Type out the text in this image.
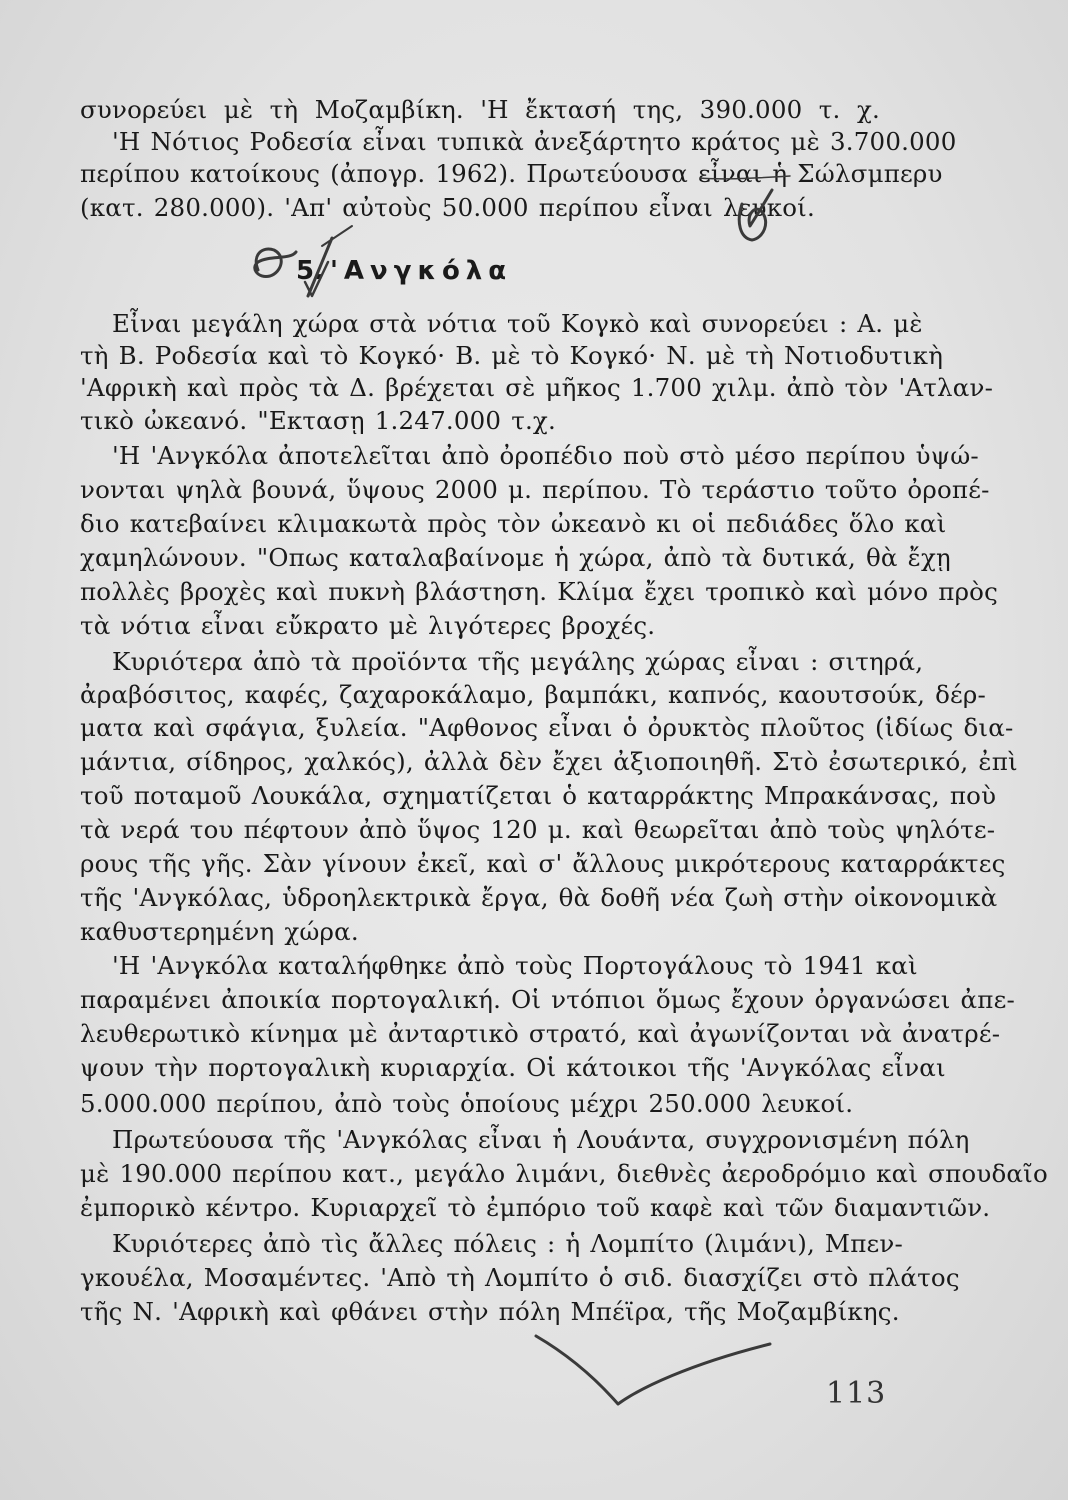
συνορεύει μὲ τὴ Μοζαμβίκη. 'Η ἔκτασή της, 390.000 τ. χ.
'Η Νότιος Ροδεσία εἶναι τυπικὰ ἀνεξάρτητο κράτος μὲ 3.700.000
περίπου κατοίκους (ἀπογρ. 1962). Πρωτεύουσα εἶναι ἡ Σώλσμπερυ
(κατ. 280.000). 'Απ' αὐτοὺς 50.000 περίπου εἶναι λευκοί.
5. 'Ανγκόλα
Εἶναι μεγάλη χώρα στὰ νότια τοῦ Κογκὸ καὶ συνορεύει : Α. μὲ
τὴ Β. Ροδεσία καὶ τὸ Κογκό· Β. μὲ τὸ Κογκό· Ν. μὲ τὴ Νοτιοδυτικὴ
'Αφρικὴ καὶ πρὸς τὰ Δ. βρέχεται σὲ μῆκος 1.700 χιλμ. ἀπὸ τὸν 'Ατλαν-
τικὸ ὠκεανό. "Εκτασῃ 1.247.000 τ.χ.
'Η 'Ανγκόλα ἀποτελεῖται ἀπὸ ὀροπέδιο ποὺ στὸ μέσο περίπου ὑψώ-
νονται ψηλὰ βουνά, ὕψους 2000 μ. περίπου. Τὸ τεράστιο τοῦτο ὀροπέ-
διο κατεβαίνει κλιμακωτὰ πρὸς τὸν ὠκεανὸ κι οἱ πεδιάδες ὅλο καὶ
χαμηλώνουν. "Οπως καταλαβαίνομε ἡ χώρα, ἀπὸ τὰ δυτικά, θὰ ἔχῃ
πολλὲς βροχὲς καὶ πυκνὴ βλάστηση. Κλίμα ἔχει τροπικὸ καὶ μόνο πρὸς
τὰ νότια εἶναι εὔκρατο μὲ λιγότερες βροχές.
Κυριότερα ἀπὸ τὰ προϊόντα τῆς μεγάλης χώρας εἶναι : σιτηρά,
ἀραβόσιτος, καφές, ζαχαροκάλαμο, βαμπάκι, καπνός, καουτσούκ, δέρ-
ματα καὶ σφάγια, ξυλεία. "Αφθονος εἶναι ὁ ὀρυκτὸς πλοῦτος (ἰδίως δια-
μάντια, σίδηρος, χαλκός), ἀλλὰ δὲν ἔχει ἀξιοποιηθῆ. Στὸ ἐσωτερικό, ἐπὶ
τοῦ ποταμοῦ Λουκάλα, σχηματίζεται ὁ καταρράκτης Μπρακάνσας, ποὺ
τὰ νερά του πέφτουν ἀπὸ ὕψος 120 μ. καὶ θεωρεῖται ἀπὸ τοὺς ψηλότε-
ρους τῆς γῆς. Σὰν γίνουν ἐκεῖ, καὶ σ' ἄλλους μικρότερους καταρράκτες
τῆς 'Ανγκόλας, ὑδροηλεκτρικὰ ἔργα, θὰ δοθῆ νέα ζωὴ στὴν οἰκονομικὰ
καθυστερημένη χώρα.
'Η 'Ανγκόλα καταλήφθηκε ἀπὸ τοὺς Πορτογάλους τὸ 1941 καὶ
παραμένει ἀποικία πορτογαλική. Οἱ ντόπιοι ὅμως ἔχουν ὀργανώσει ἀπε-
λευθερωτικὸ κίνημα μὲ ἀνταρτικὸ στρατό, καὶ ἀγωνίζονται νὰ ἀνατρέ-
ψουν τὴν πορτογαλικὴ κυριαρχία. Οἱ κάτοικοι τῆς 'Ανγκόλας εἶναι
5.000.000 περίπου, ἀπὸ τοὺς ὁποίους μέχρι 250.000 λευκοί.
Πρωτεύουσα τῆς 'Ανγκόλας εἶναι ἡ Λουάντα, συγχρονισμένη πόλη
μὲ 190.000 περίπου κατ., μεγάλο λιμάνι, διεθνὲς ἀεροδρόμιο καὶ σπουδαῖο
ἐμπορικὸ κέντρο. Κυριαρχεῖ τὸ ἐμπόριο τοῦ καφὲ καὶ τῶν διαμαντιῶν.
Κυριότερες ἀπὸ τὶς ἄλλες πόλεις : ἡ Λομπίτο (λιμάνι), Μπεν-
γκουέλα, Μοσαμέντες. 'Απὸ τὴ Λομπίτο ὁ σιδ. διασχίζει στὸ πλάτος
τῆς Ν. 'Αφρικὴ καὶ φθάνει στὴν πόλη Μπέϊρα, τῆς Μοζαμβίκης.
113
